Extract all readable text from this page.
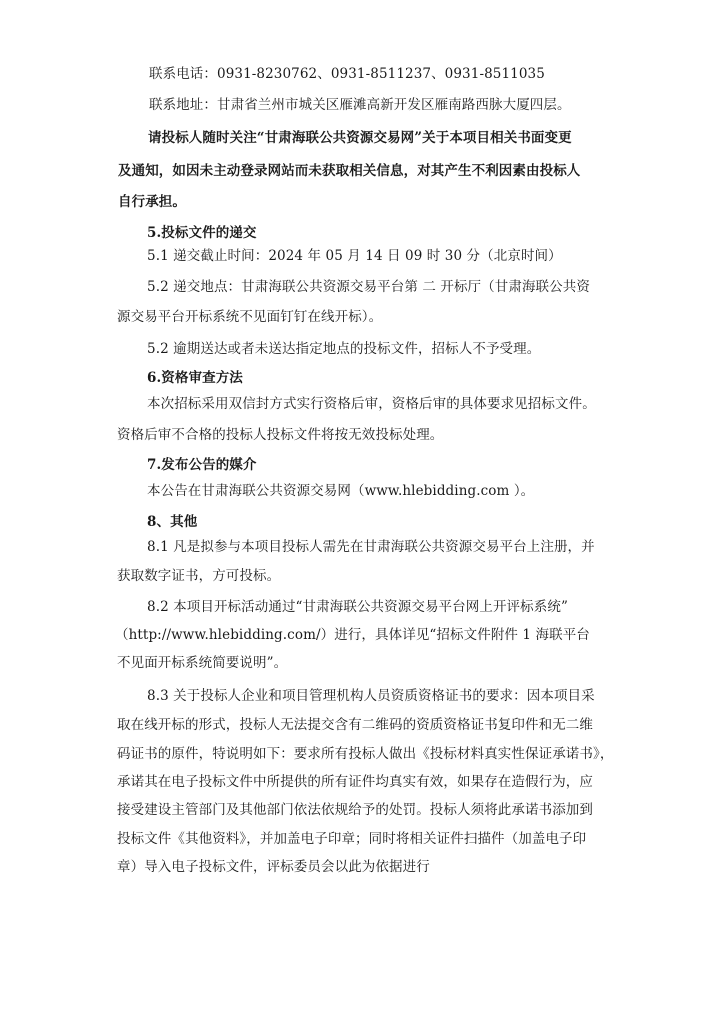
联系电话：0931-8230762、0931-8511237、0931-8511035
联系地址：甘肃省兰州市城关区雁滩高新开发区雁南路西脉大厦四层。
请投标人随时关注“甘肃海联公共资源交易网”关于本项目相关书面变更
及通知，如因未主动登录网站而未获取相关信息，对其产生不利因素由投标人
自行承担。
5.投标文件的递交
5.1 递交截止时间：2024 年 05 月 14 日 09 时 30 分（北京时间）
5.2 递交地点：甘肃海联公共资源交易平台第 二 开标厅（甘肃海联公共资
源交易平台开标系统不见面钉钉在线开标）。
5.2 逾期送达或者未送达指定地点的投标文件，招标人不予受理。
6.资格审查方法
本次招标采用双信封方式实行资格后审，资格后审的具体要求见招标文件。
资格后审不合格的投标人投标文件将按无效投标处理。
7.发布公告的媒介
本公告在甘肃海联公共资源交易网（www.hlebidding.com ）。
8、其他
8.1 凡是拟参与本项目投标人需先在甘肃海联公共资源交易平台上注册，并
获取数字证书，方可投标。
8.2 本项目开标活动通过“甘肃海联公共资源交易平台网上开评标系统”
（http://www.hlebidding.com/）进行，具体详见“招标文件附件 1 海联平台
不见面开标系统简要说明”。
8.3 关于投标人企业和项目管理机构人员资质资格证书的要求：因本项目采
取在线开标的形式，投标人无法提交含有二维码的资质资格证书复印件和无二维
码证书的原件，特说明如下：要求所有投标人做出《投标材料真实性保证承诺书》，
承诺其在电子投标文件中所提供的所有证件均真实有效，如果存在造假行为，应
接受建设主管部门及其他部门依法依规给予的处罚。投标人须将此承诺书添加到
投标文件《其他资料》，并加盖电子印章；同时将相关证件扫描件（加盖电子印
章）导入电子投标文件，评标委员会以此为依据进行
